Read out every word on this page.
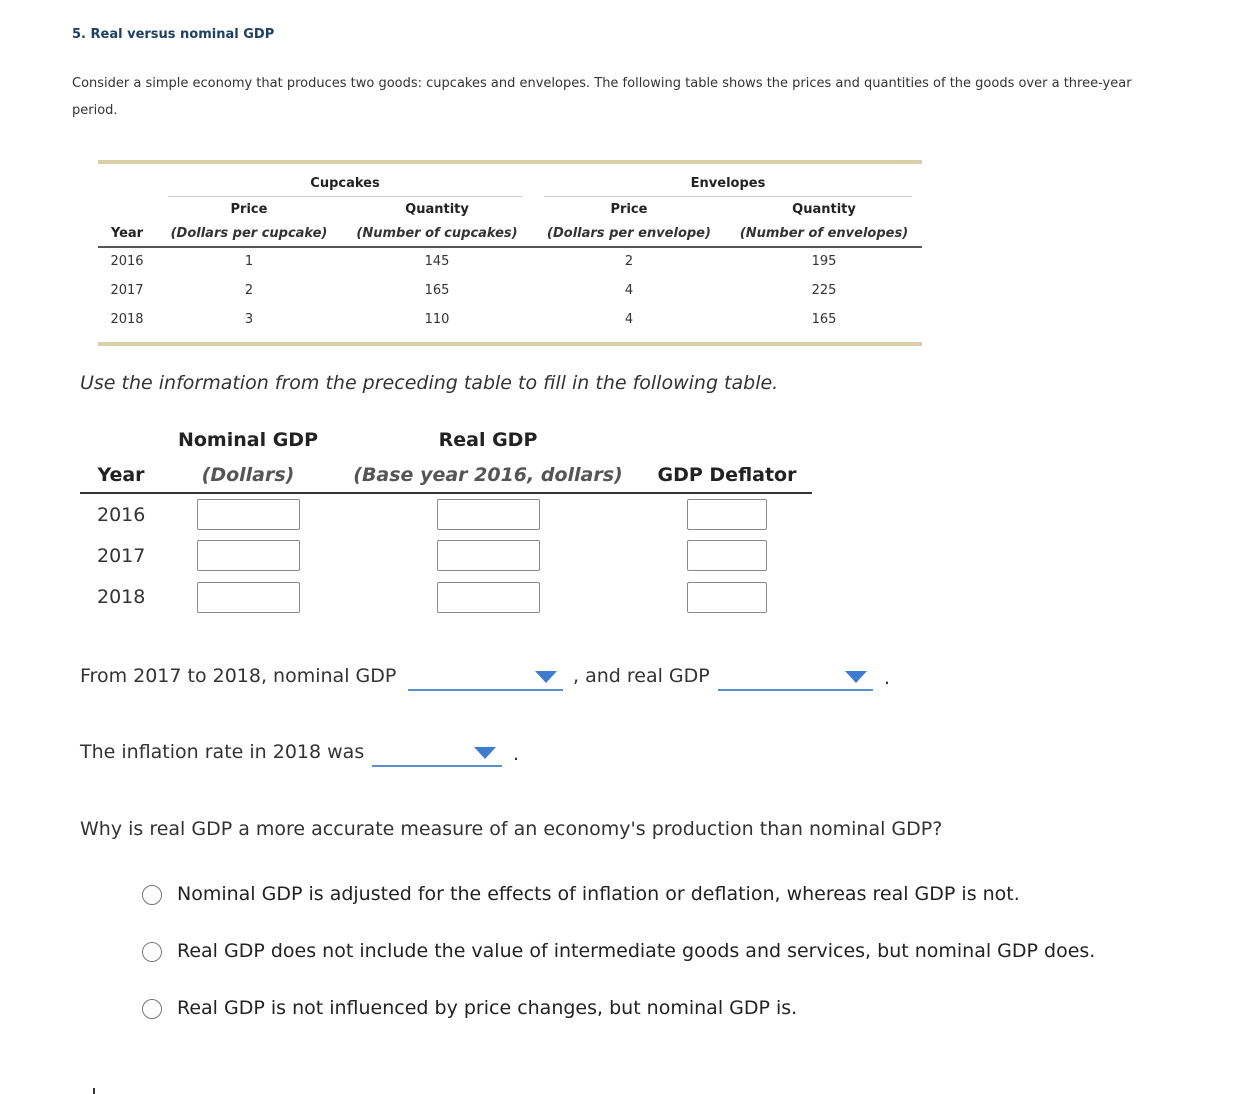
5. Real versus nominal GDP
Consider a simple economy that produces two goods: cupcakes and envelopes. The following table shows the prices and quantities of the goods over a three-year period.
Cupcakes	Envelopes
Price	Quantity	Price	Quantity
Year	(Dollars per cupcake)	(Number of cupcakes)	(Dollars per envelope) (Number of envelopes)
2016	1	145	2	195
2017	2	165	4	225
2018	3	110	4	165
Use the information from the preceding table to fill in the following table.
Nominal GDP	Real GDP
Year	(Dollars)	(Base year 2016, dollars)	GDP Deflator
2016
2017
2018
From 2017 to 2018, nominal GDP	, and real GDP	.
The inflation rate in 2018 was	.
Why is real GDP a more accurate measure of an economy's production than nominal GDP?
Nominal GDP is adjusted for the effects of inflation or deflation, whereas real GDP is not.
Real GDP does not include the value of intermediate goods and services, but nominal GDP does.
Real GDP is not influenced by price changes, but nominal GDP is.
